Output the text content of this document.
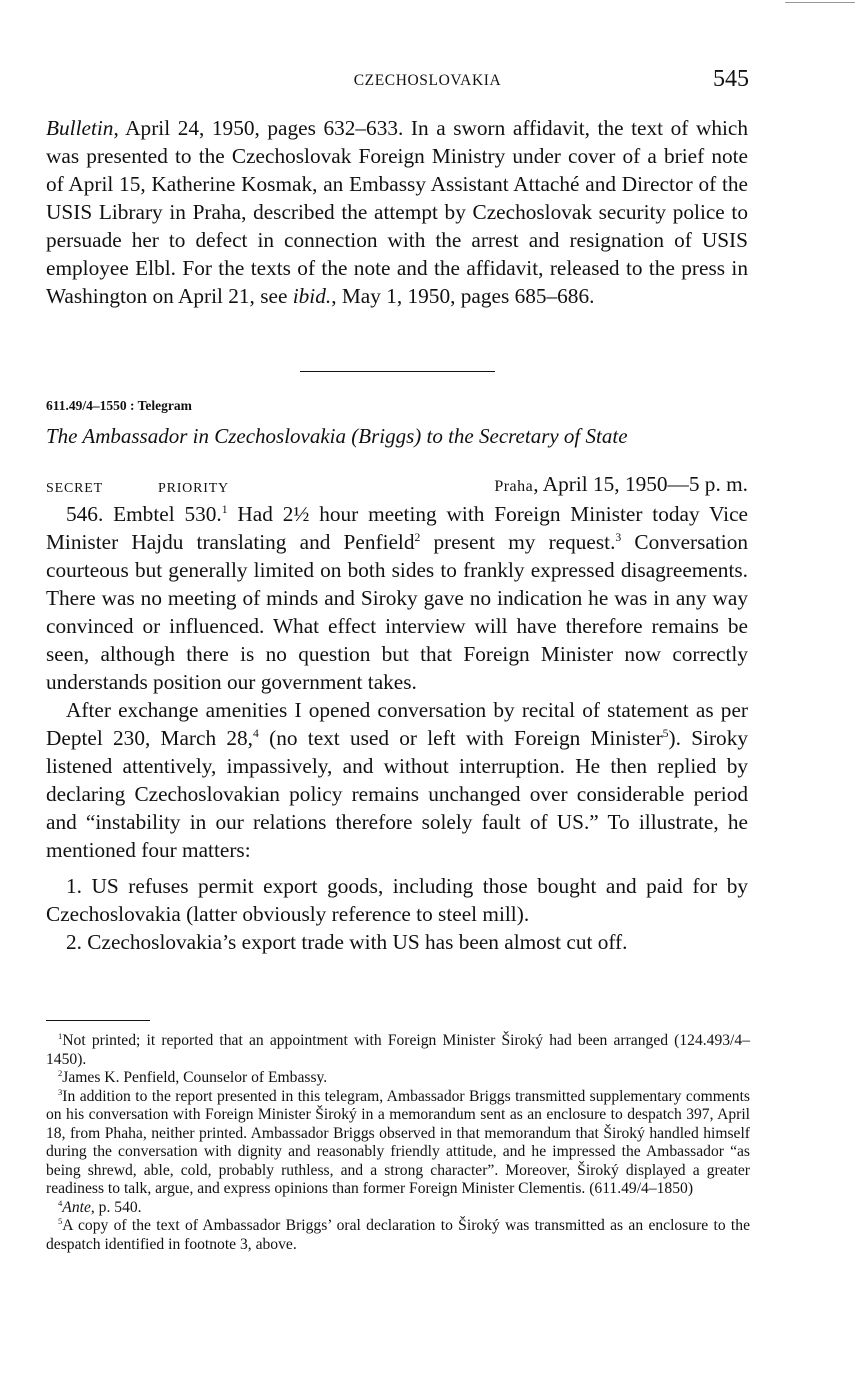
CZECHOSLOVAKIA	545

Bulletin, April 24, 1950, pages 632–633. In a sworn affidavit, the text of which was presented to the Czechoslovak Foreign Ministry under cover of a brief note of April 15, Katherine Kosmak, an Embassy Assistant Attaché and Director of the USIS Library in Praha, described the attempt by Czechoslovak security police to persuade her to defect in connection with the arrest and resignation of USIS employee Elbl. For the texts of the note and the affidavit, released to the press in Washington on April 21, see ibid., May 1, 1950, pages 685–686.

611.49/4–1550 : Telegram
The Ambassador in Czechoslovakia (Briggs) to the Secretary of State
SECRET	PRIORITY	Praha, April 15, 1950—5 p. m.

546. Embtel 530.$^1$ Had 2½ hour meeting with Foreign Minister today Vice Minister Hajdu translating and Penfield$^2$ present my request.$^3$ Conversation courteous but generally limited on both sides to frankly expressed disagreements. There was no meeting of minds and Siroky gave no indication he was in any way convinced or influenced. What effect interview will have therefore remains be seen, although there is no question but that Foreign Minister now correctly understands position our government takes.

After exchange amenities I opened conversation by recital of statement as per Deptel 230, March 28,$^4$ (no text used or left with Foreign Minister$^5$). Siroky listened attentively, impassively, and without interruption. He then replied by declaring Czechoslovakian policy remains unchanged over considerable period and “instability in our relations therefore solely fault of US.” To illustrate, he mentioned four matters:

1. US refuses permit export goods, including those bought and paid for by Czechoslovakia (latter obviously reference to steel mill).

2. Czechoslovakia’s export trade with US has been almost cut off.

$^1$Not printed; it reported that an appointment with Foreign Minister Široký had been arranged (124.493/4–1450).

$^2$James K. Penfield, Counselor of Embassy.

$^3$In addition to the report presented in this telegram, Ambassador Briggs transmitted supplementary comments on his conversation with Foreign Minister Široký in a memorandum sent as an enclosure to despatch 397, April 18, from Phaha, neither printed. Ambassador Briggs observed in that memorandum that Široký handled himself during the conversation with dignity and reasonably friendly attitude, and he impressed the Ambassador “as being shrewd, able, cold, probably ruthless, and a strong character”. Moreover, Široký displayed a greater readiness to talk, argue, and express opinions than former Foreign Minister Clementis. (611.49/4–1850)

$^4$Ante, p. 540.

$^5$A copy of the text of Ambassador Briggs’ oral declaration to Široký was transmitted as an enclosure to the despatch identified in footnote 3, above.
